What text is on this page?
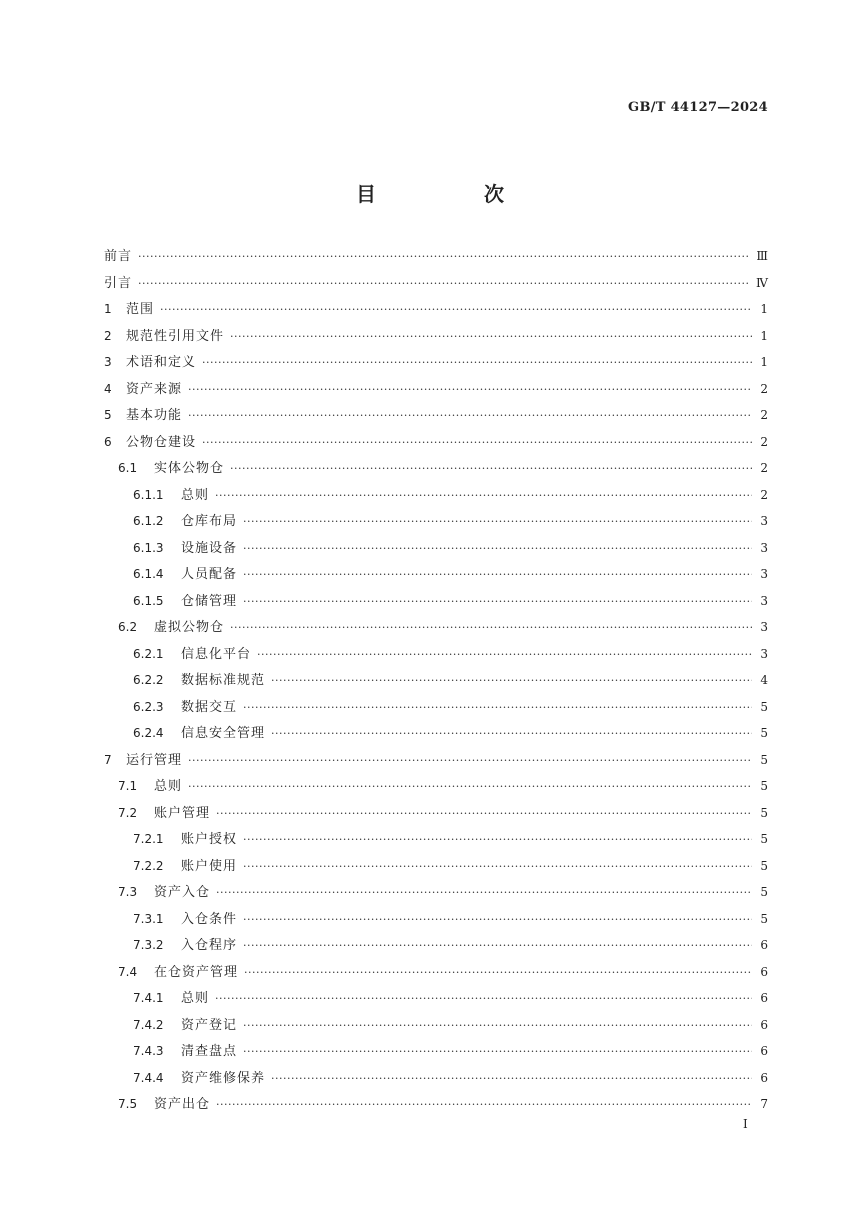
GB/T 44127—2024
目　次
前言 ·····	Ⅲ
引言 ·····	Ⅳ
1	范围 ·····	1
2	规范性引用文件 ·····	1
3	术语和定义 ·····	1
4	资产来源 ·····	2
5	基本功能 ·····	2
6	公物仓建设 ·····	2
6.1	实体公物仓 ·····	2
6.1.1	总则 ·····	2
6.1.2	仓库布局 ·····	3
6.1.3	设施设备 ·····	3
6.1.4	人员配备 ·····	3
6.1.5	仓储管理 ·····	3
6.2	虚拟公物仓 ·····	3
6.2.1	信息化平台 ·····	3
6.2.2	数据标准规范 ·····	4
6.2.3	数据交互 ·····	5
6.2.4	信息安全管理 ·····	5
7	运行管理 ·····	5
7.1	总则 ·····	5
7.2	账户管理 ·····	5
7.2.1	账户授权 ·····	5
7.2.2	账户使用 ·····	5
7.3	资产入仓 ·····	5
7.3.1	入仓条件 ·····	5
7.3.2	入仓程序 ·····	6
7.4	在仓资产管理 ·····	6
7.4.1	总则 ·····	6
7.4.2	资产登记 ·····	6
7.4.3	清查盘点 ·····	6
7.4.4	资产维修保养 ·····	6
7.5	资产出仓 ·····	7
I
